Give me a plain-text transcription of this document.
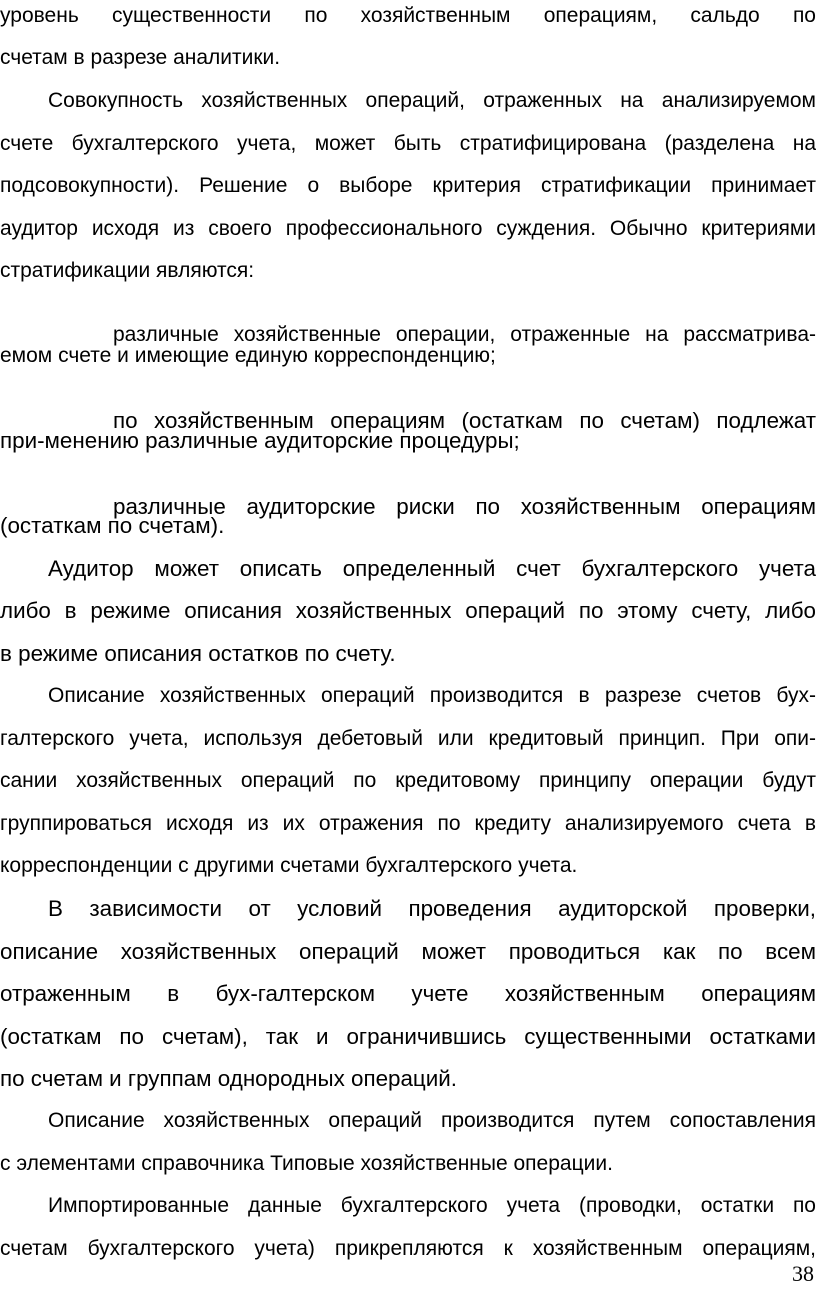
уровень существенности по хозяйственным операциям, сальдо по

счетам в разрезе аналитики.

Совокупность хозяйственных операций, отраженных на анализируемом

счете бухгалтерского учета, может быть стратифицирована (разделена на

подсовокупности). Решение о выборе критерия стратификации принимает

аудитор исходя из своего профессионального суждения. Обычно критериями

стратификации являются:

различные хозяйственные операции, отраженные на рассматрива-

емом счете и имеющие единую корреспонденцию;

по хозяйственным операциям (остаткам по счетам) подлежат

при-менению различные аудиторские процедуры;

различные аудиторские риски по хозяйственным операциям

(остаткам по счетам).

Аудитор может описать определенный счет бухгалтерского учета

либо в режиме описания хозяйственных операций по этому счету, либо

в режиме описания остатков по счету.

Описание хозяйственных операций производится в разрезе счетов бух-

галтерского учета, используя дебетовый или кредитовый принцип. При опи-

сании хозяйственных операций по кредитовому принципу операции будут

группироваться исходя из их отражения по кредиту анализируемого счета в

корреспонденции с другими счетами бухгалтерского учета.

В зависимости от условий проведения аудиторской проверки,

описание хозяйственных операций может проводиться как по всем

отраженным в бух-галтерском учете хозяйственным операциям

(остаткам по счетам), так и ограничившись существенными остатками

по счетам и группам однородных операций.

Описание хозяйственных операций производится путем сопоставления

с элементами справочника Типовые хозяйственные операции.

Импортированные данные бухгалтерского учета (проводки, остатки по

счетам бухгалтерского учета) прикрепляются к хозяйственным операциям,

38
